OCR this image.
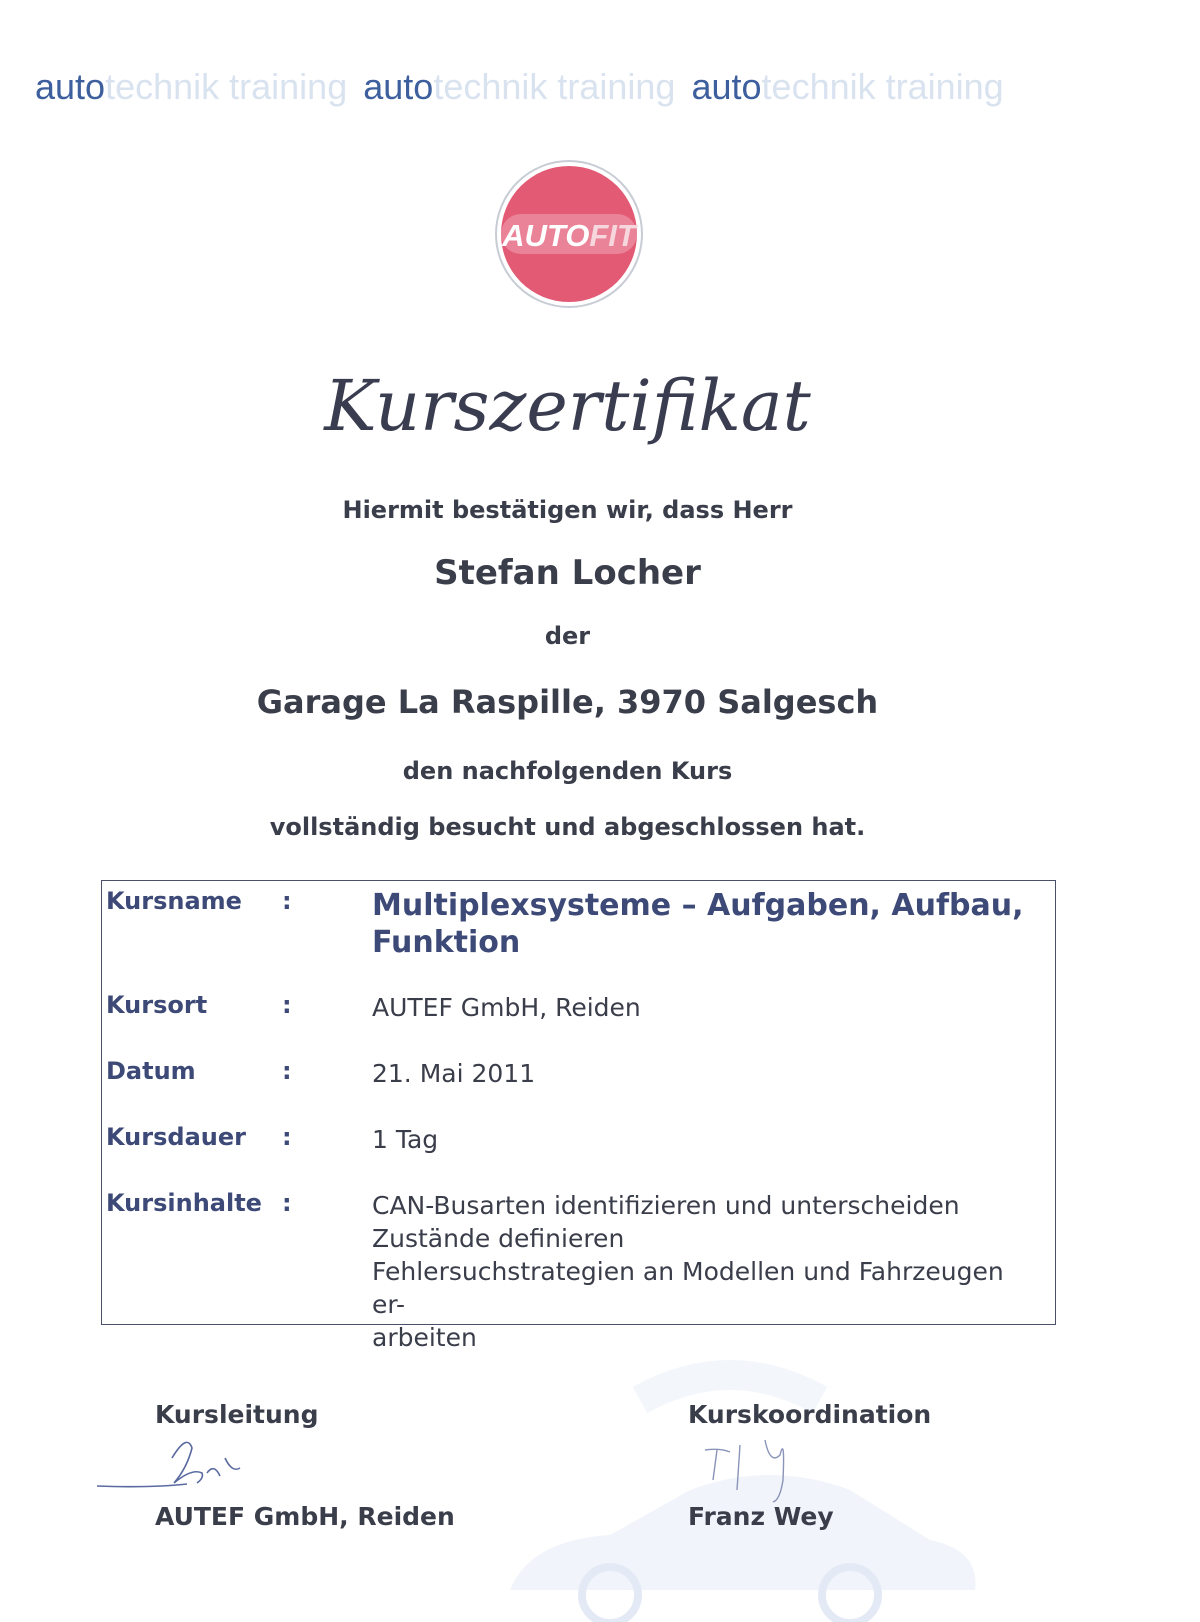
autotechnik training autotechnik training autotechnik training
AUTOFIT
Kurszertifikat
Hiermit bestätigen wir, dass Herr
Stefan Locher
der
Garage La Raspille, 3970 Salgesch
den nachfolgenden Kurs
vollständig besucht und abgeschlossen hat.
Kursname :	Multiplexsysteme – Aufgaben, Aufbau, Funktion
Kursort	:	AUTEF GmbH, Reiden
Datum	:	21. Mai 2011
Kursdauer :	1 Tag
Kursinhalte :	CAN-Busarten identifizieren und unterscheiden
Zustände definieren
Fehlersuchstrategien an Modellen und Fahrzeugen er-
arbeiten
Kursleitung
AUTEF GmbH, Reiden
Kurskoordination
Franz Wey
